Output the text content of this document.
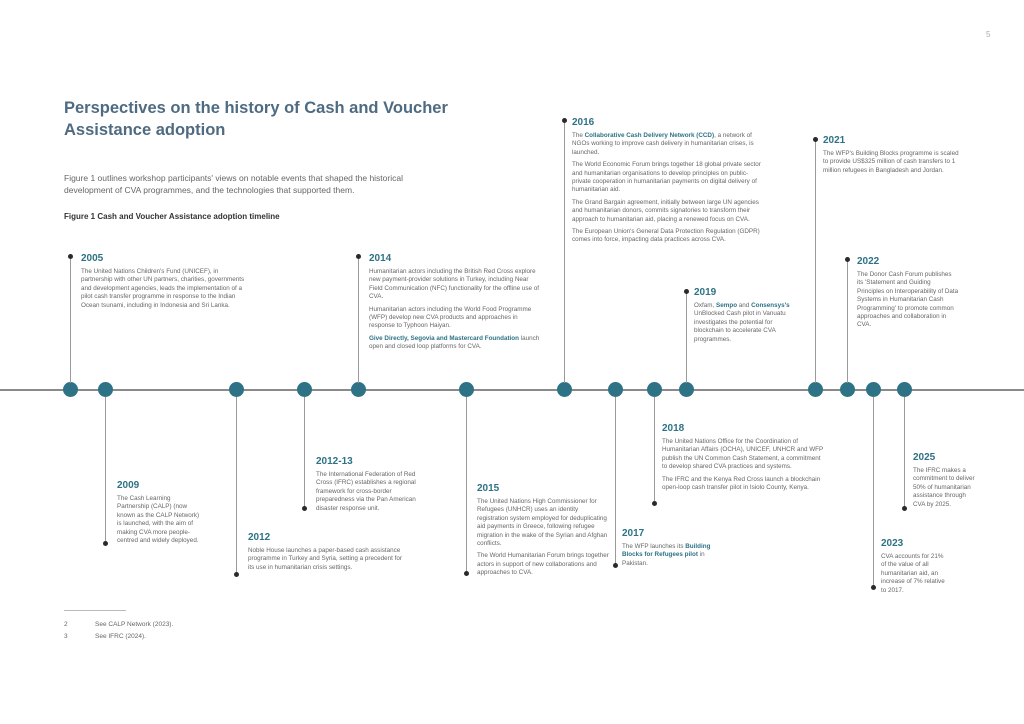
5
Perspectives on the history of Cash and Voucher Assistance adoption
Figure 1 outlines workshop participants' views on notable events that shaped the historical development of CVA programmes, and the technologies that supported them.
Figure 1 Cash and Voucher Assistance adoption timeline
2005

The United Nations Children's Fund (UNICEF), in partnership with other UN partners, charities, governments and development agencies, leads the implementation of a pilot cash transfer programme in response to the Indian Ocean tsunami, including in Indonesia and Sri Lanka.

2014

Humanitarian actors including the British Red Cross explore new payment-provider solutions in Turkey, including Near Field Communication (NFC) functionality for the offline use of CVA.

Humanitarian actors including the World Food Programme (WFP) develop new CVA products and approaches in response to Typhoon Haiyan.

Give Directly, Segovia and Mastercard Foundation launch open and closed loop platforms for CVA.

2016

The Collaborative Cash Delivery Network (CCD), a network of NGOs working to improve cash delivery in humanitarian crises, is launched.

The World Economic Forum brings together 18 global private sector and humanitarian organisations to develop principles on public-private cooperation in humanitarian payments on digital delivery of humanitarian aid.

The Grand Bargain agreement, initially between large UN agencies and humanitarian donors, commits signatories to transform their approach to humanitarian aid, placing a renewed focus on CVA.

The European Union's General Data Protection Regulation (GDPR) comes into force, impacting data practices across CVA.

2019

Oxfam, Sempo and Consensys's UnBlocked Cash pilot in Vanuatu investigates the potential for blockchain to accelerate CVA programmes.

2021

The WFP's Building Blocks programme is scaled to provide US$325 million of cash transfers to 1 million refugees in Bangladesh and Jordan.

2022

The Donor Cash Forum publishes its 'Statement and Guiding Principles on Interoperability of Data Systems in Humanitarian Cash Programming' to promote common approaches and collaboration in CVA.

2009

The Cash Learning Partnership (CALP) (now known as the CALP Network) is launched, with the aim of making CVA more people-centred and widely deployed.	2012

Noble House launches a paper-based cash assistance programme in Turkey and Syria, setting a precedent for its use in humanitarian crisis settings.

2012-13

The International Federation of Red Cross (IFRC) establishes a regional framework for cross-border preparedness via the Pan American disaster response unit.

2015

The United Nations High Commissioner for Refugees (UNHCR) uses an identity registration system employed for deduplicating aid payments in Greece, following refugee migration in the wake of the Syrian and Afghan conflicts.

The World Humanitarian Forum brings together actors in support of new collaborations and approaches to CVA.

2017

The WFP launches its Building Blocks for Refugees pilot in Pakistan.

2018

The United Nations Office for the Coordination of Humanitarian Affairs (OCHA), UNICEF, UNHCR and WFP publish the UN Common Cash Statement, a commitment to develop shared CVA practices and systems.

The IFRC and the Kenya Red Cross launch a blockchain open-loop cash transfer pilot in Isiolo County, Kenya.

2023

CVA accounts for 21% of the value of all humanitarian aid, an increase of 7% relative to 2017.

2025

The IFRC makes a commitment to deliver 50% of humanitarian assistance through CVA by 2025.

2	See CALP Network (2023).
3	See IFRC (2024).
